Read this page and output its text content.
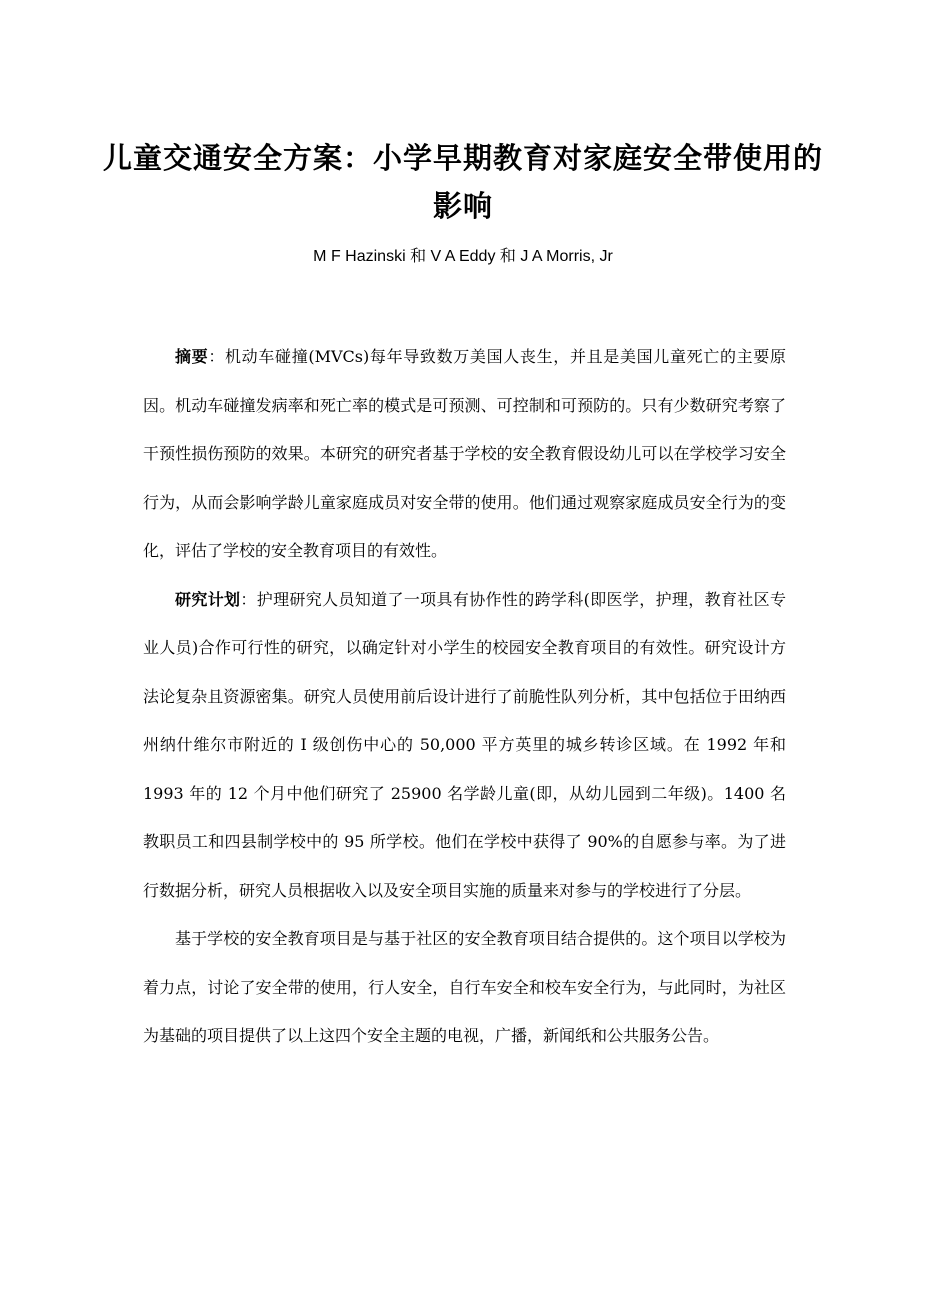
儿童交通安全方案：小学早期教育对家庭安全带使用的影响

M F Hazinski 和 V A Eddy 和 J A Morris, Jr

摘要：机动车碰撞(MVCs)每年导致数万美国人丧生，并且是美国儿童死亡的主要原因。机动车碰撞发病率和死亡率的模式是可预测、可控制和可预防的。只有少数研究考察了干预性损伤预防的效果。本研究的研究者基于学校的安全教育假设幼儿可以在学校学习安全行为，从而会影响学龄儿童家庭成员对安全带的使用。他们通过观察家庭成员安全行为的变化，评估了学校的安全教育项目的有效性。

研究计划：护理研究人员知道了一项具有协作性的跨学科(即医学，护理，教育社区专业人员)合作可行性的研究，以确定针对小学生的校园安全教育项目的有效性。研究设计方法论复杂且资源密集。研究人员使用前后设计进行了前脆性队列分析，其中包括位于田纳西州纳什维尔市附近的 I 级创伤中心的 50,000 平方英里的城乡转诊区域。在 1992 年和 1993 年的 12 个月中他们研究了 25900 名学龄儿童(即，从幼儿园到二年级)。1400 名教职员工和四县制学校中的 95 所学校。他们在学校中获得了 90%的自愿参与率。为了进行数据分析，研究人员根据收入以及安全项目实施的质量来对参与的学校进行了分层。

基于学校的安全教育项目是与基于社区的安全教育项目结合提供的。这个项目以学校为着力点，讨论了安全带的使用，行人安全，自行车安全和校车安全行为，与此同时，为社区为基础的项目提供了以上这四个安全主题的电视，广播，新闻纸和公共服务公告。
